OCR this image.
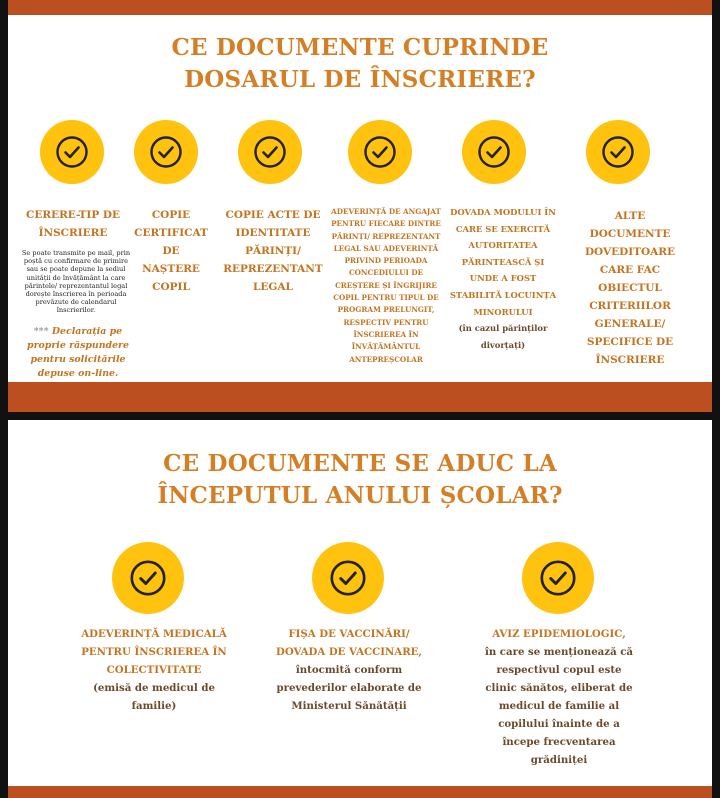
CE DOCUMENTE CUPRINDE
DOSARUL DE ÎNSCRIERE?

CERERE-TIP DE ÎNSCRIERE

Se poate transmite pe mail, prin poștă cu confirmare de primire sau se poate depune la sediul unității de învățământ la care părintele/ reprezentantul legal dorește înscrierea în perioada prevăzute de calendarul înscrierilor.

*** Declarația pe proprie răspundere pentru solicitările depuse on-line.

COPIE CERTIFICAT DE NAȘTERE COPIL

COPIE ACTE DE IDENTITATE PĂRINȚI/ REPREZENTANT LEGAL

ADEVERINȚĂ DE ANGAJAT PENTRU FIECARE DINTRE PĂRINȚI/ REPREZENTANT LEGAL SAU ADEVERINȚĂ PRIVIND PERIOADA CONCEDIULUI DE CREȘTERE ȘI ÎNGRIJIRE COPIL PENTRU TIPUL DE PROGRAM PRELUNGIT, RESPECTIV PENTRU ÎNSCRIEREA ÎN ÎNVĂȚĂMÂNTUL ANTEPREȘCOLAR

DOVADA MODULUI ÎN CARE SE EXERCITĂ AUTORITATEA PĂRINTEASCĂ ȘI UNDE A FOST STABILITĂ LOCUINȚA MINORULUI

(în cazul părinților divorțați)

ALTE DOCUMENTE DOVEDITOARE CARE FAC OBIECTUL CRITERIILOR GENERALE/ SPECIFICE DE ÎNSCRIERE

CE DOCUMENTE SE ADUC LA
ÎNCEPUTUL ANULUI ȘCOLAR?

ADEVERINȚĂ MEDICALĂ PENTRU ÎNSCRIEREA ÎN COLECTIVITATE

(emisă de medicul de familie)

FIȘA DE VACCINĂRI/ DOVADA DE VACCINARE,

întocmită conform prevederilor elaborate de Ministerul Sănătății

AVIZ EPIDEMIOLOGIC,

în care se menționează că respectivul copul este clinic sănătos, eliberat de medicul de familie al copilului înainte de a începe frecventarea grădiniței
